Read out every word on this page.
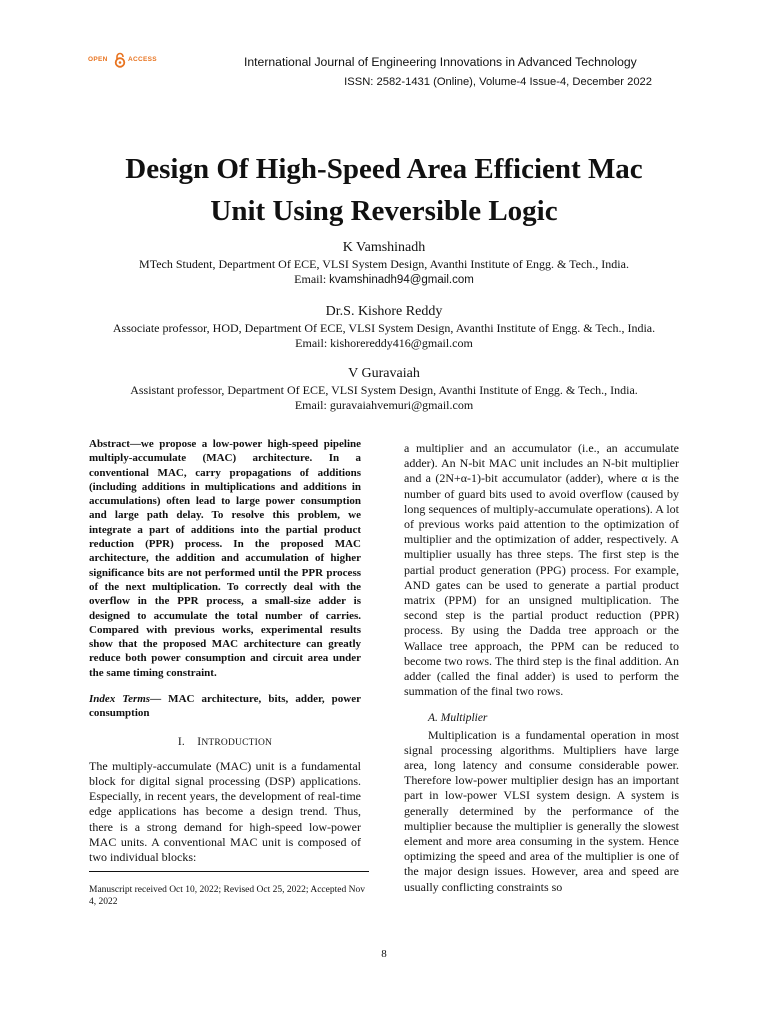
OPEN	ACCESS	International Journal of Engineering Innovations in Advanced Technology
ISSN: 2582-1431 (Online), Volume-4 Issue-4, December 2022
Design Of High-Speed Area Efficient Mac
Unit Using Reversible Logic
K Vamshinadh
MTech Student, Department Of ECE, VLSI System Design, Avanthi Institute of Engg. & Tech., India.
Email: kvamshinadh94@gmail.com
Dr.S. Kishore Reddy
Associate professor, HOD, Department Of ECE, VLSI System Design, Avanthi Institute of Engg. & Tech., India.
Email: kishorereddy416@gmail.com
V Guravaiah
Assistant professor, Department Of ECE, VLSI System Design, Avanthi Institute of Engg. & Tech., India.
Email: guravaiahvemuri@gmail.com

Abstract—we propose a low-power high-speed pipeline multiply-accumulate (MAC) architecture. In a conventional MAC, carry propagations of additions (including additions in multiplications and additions in accumulations) often lead to large power consumption and large path delay. To resolve this problem, we integrate a part of additions into the partial product reduction (PPR) process. In the proposed MAC architecture, the addition and accumulation of higher significance bits are not performed until the PPR process of the next multiplication. To correctly deal with the overflow in the PPR process, a small-size adder is designed to accumulate the total number of carries. Compared with previous works, experimental results show that the proposed MAC architecture can greatly reduce both power consumption and circuit area under the same timing constraint.

Index Terms— MAC architecture, bits, adder, power consumption

I. INTRODUCTION

The multiply-accumulate (MAC) unit is a fundamental block for digital signal processing (DSP) applications. Especially, in recent years, the development of real-time edge applications has become a design trend. Thus, there is a strong demand for high-speed low-power MAC units. A conventional MAC unit is composed of two individual blocks:

a multiplier and an accumulator (i.e., an accumulate adder). An N-bit MAC unit includes an N-bit multiplier and a (2N+α-1)-bit accumulator (adder), where α is the number of guard bits used to avoid overflow (caused by long sequences of multiply-accumulate operations). A lot of previous works paid attention to the optimization of multiplier and the optimization of adder, respectively. A multiplier usually has three steps. The first step is the partial product generation (PPG) process. For example, AND gates can be used to generate a partial product matrix (PPM) for an unsigned multiplication. The second step is the partial product reduction (PPR) process. By using the Dadda tree approach or the Wallace tree approach, the PPM can be reduced to become two rows. The third step is the final addition. An adder (called the final adder) is used to perform the summation of the final two rows.

A. Multiplier

Multiplication is a fundamental operation in most signal processing algorithms. Multipliers have large area, long latency and consume considerable power. Therefore low-power multiplier design has an important part in low-power VLSI system design. A system is generally determined by the performance of the multiplier because the multiplier is generally the slowest element and more area consuming in the system. Hence optimizing the speed and area of the multiplier is one of the major design issues. However, area and speed are usually conflicting constraints so

Manuscript received Oct 10, 2022; Revised Oct 25, 2022; Accepted Nov 4, 2022
8
